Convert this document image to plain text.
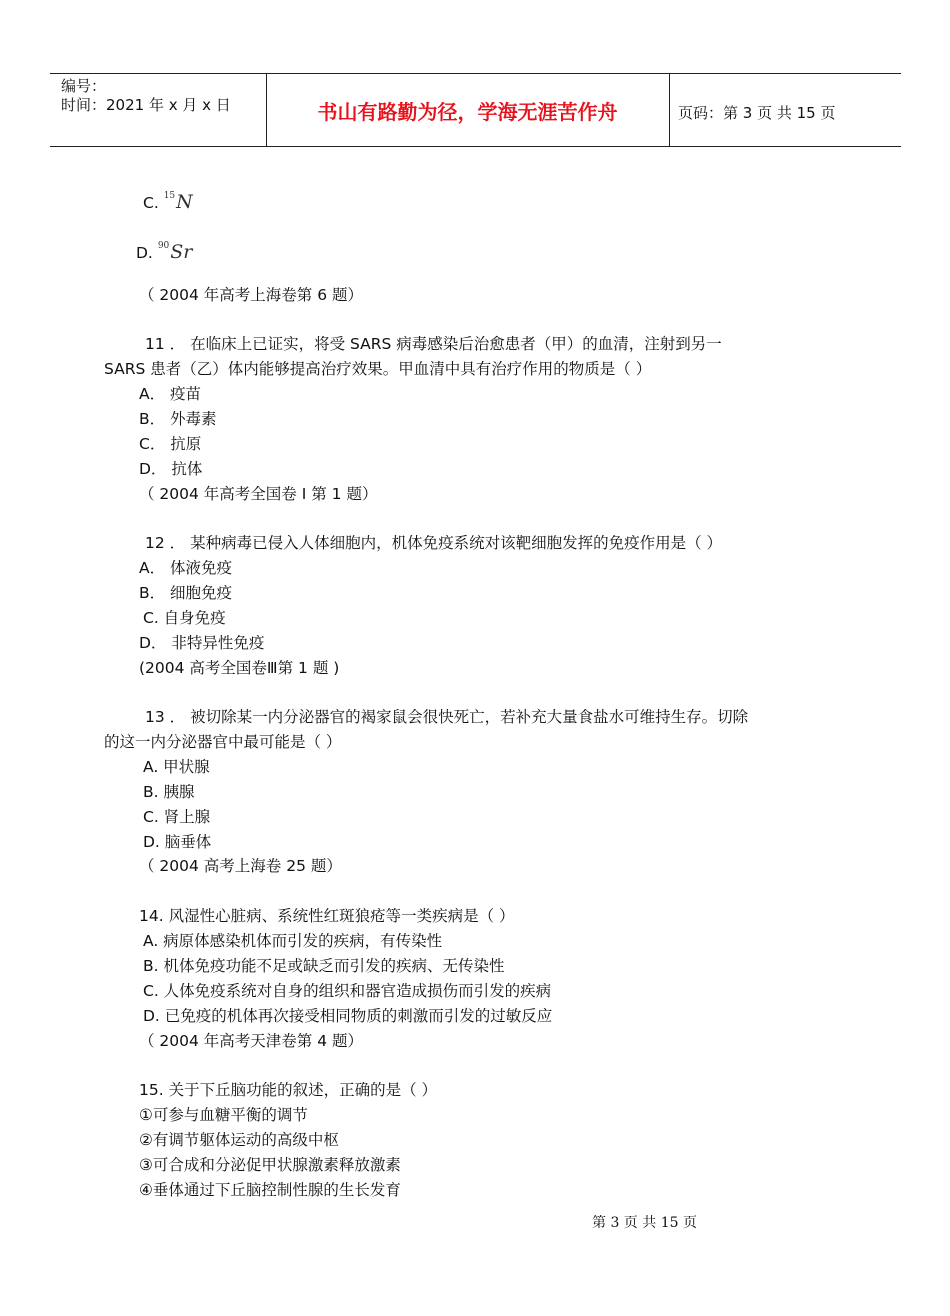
编号：
时间：2021 年 x 月 x 日	书山有路勤为径，学海无涯苦作舟	页码：第 3 页 共 15 页
C. $^{15}$N
D. $^{90}$Sr
（ 2004 年高考上海卷第 6 题）
11 ． 在临床上已证实，将受 SARS 病毒感染后治愈患者（甲）的血清，注射到另一
SARS 患者（乙）体内能够提高治疗效果。甲血清中具有治疗作用的物质是（ ）
A． 疫苗
B． 外毒素
C． 抗原
D． 抗体
（ 2004 年高考全国卷 I 第 1 题）
12 ． 某种病毒已侵入人体细胞内，机体免疫系统对该靶细胞发挥的免疫作用是（ ）
A． 体液免疫
B． 细胞免疫
C. 自身免疫
D． 非特异性免疫
(2004 高考全国卷Ⅲ第 1 题 )
13 ． 被切除某一内分泌器官的褐家鼠会很快死亡，若补充大量食盐水可维持生存。切除
的这一内分泌器官中最可能是（ ）
A. 甲状腺
B. 胰腺
C. 肾上腺
D. 脑垂体
（ 2004 高考上海卷 25 题）
14. 风湿性心脏病、系统性红斑狼疮等一类疾病是（ ）
A. 病原体感染机体而引发的疾病，有传染性
B. 机体免疫功能不足或缺乏而引发的疾病、无传染性
C. 人体免疫系统对自身的组织和器官造成损伤而引发的疾病
D. 已免疫的机体再次接受相同物质的刺激而引发的过敏反应
（ 2004 年高考天津卷第 4 题）
15. 关于下丘脑功能的叙述，正确的是（ ）
①可参与血糖平衡的调节
②有调节躯体运动的高级中枢
③可合成和分泌促甲状腺激素释放激素
④垂体通过下丘脑控制性腺的生长发育
第 3 页 共 15 页
